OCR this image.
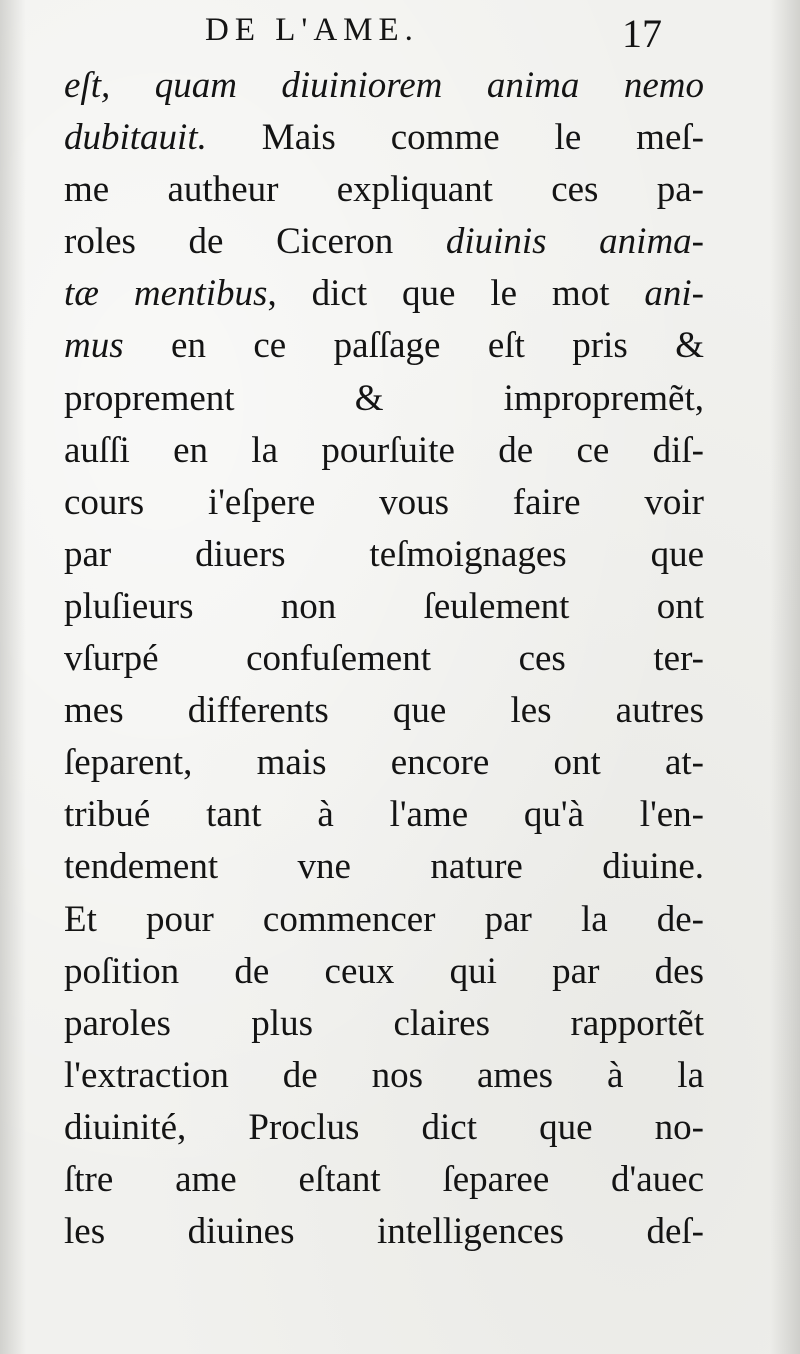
DE L'AME.	17
eſt, quam diuiniorem anima nemo
dubitauit. Mais comme le meſ-
me autheur expliquant ces pa-
roles de Ciceron diuinis anima-
tæ mentibus, dict que le mot ani-
mus en ce paſſage eſt pris &
proprement & impropremẽt,
auſſi en la pourſuite de ce diſ-
cours i'eſpere vous faire voir
par diuers teſmoignages que
pluſieurs non ſeulement ont
vſurpé confuſement ces ter-
mes differents que les autres
ſeparent, mais encore ont at-
tribué tant à l'ame qu'à l'en-
tendement vne nature diuine.
Et pour commencer par la de-
poſition de ceux qui par des
paroles plus claires rapportẽt
l'extraction de nos ames à la
diuinité, Proclus dict que no-
ſtre ame eſtant ſeparee d'auec
les diuines intelligences deſ-
